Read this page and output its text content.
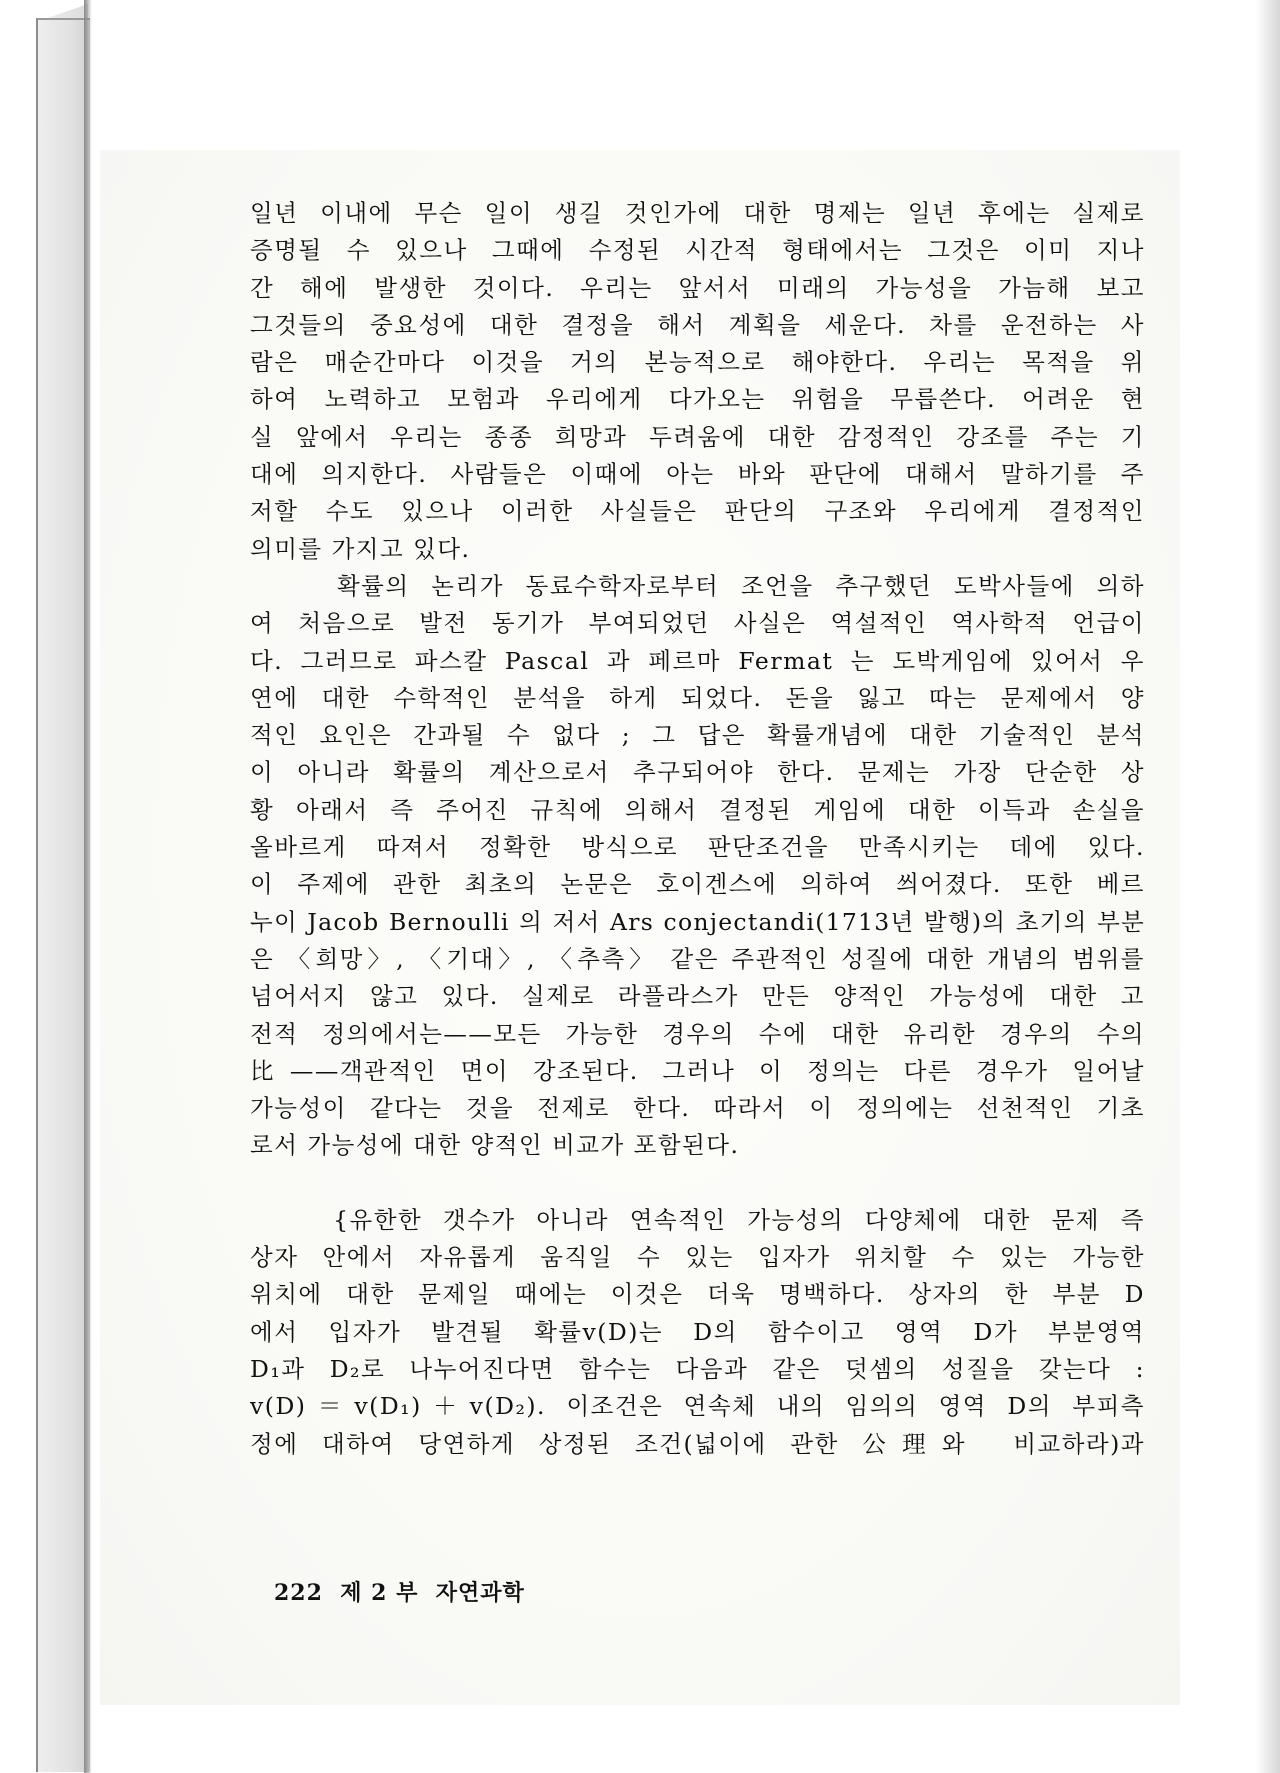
일년 이내에 무슨 일이 생길 것인가에 대한 명제는 일년 후에는 실제로
증명될 수 있으나 그때에 수정된 시간적 형태에서는 그것은 이미 지나
간 해에 발생한 것이다. 우리는 앞서서 미래의 가능성을 가늠해 보고
그것들의 중요성에 대한 결정을 해서 계획을 세운다. 차를 운전하는 사
람은 매순간마다 이것을 거의 본능적으로 해야한다. 우리는 목적을 위
하여 노력하고 모험과 우리에게 다가오는 위험을 무릅쓴다. 어려운 현
실 앞에서 우리는 종종 희망과 두려움에 대한 감정적인 강조를 주는 기
대에 의지한다. 사람들은 이때에 아는 바와 판단에 대해서 말하기를 주
저할 수도 있으나 이러한 사실들은 판단의 구조와 우리에게 결정적인
의미를 가지고 있다.
확률의 논리가 동료수학자로부터 조언을 추구했던 도박사들에 의하
여 처음으로 발전 동기가 부여되었던 사실은 역설적인 역사학적 언급이
다. 그러므로 파스칼 Pascal 과 페르마 Fermat 는 도박게임에 있어서 우
연에 대한 수학적인 분석을 하게 되었다. 돈을 잃고 따는 문제에서 양
적인 요인은 간과될 수 없다 ; 그 답은 확률개념에 대한 기술적인 분석
이 아니라 확률의 계산으로서 추구되어야 한다. 문제는 가장 단순한 상
황 아래서 즉 주어진 규칙에 의해서 결정된 게임에 대한 이득과 손실을
올바르게 따져서 정확한 방식으로 판단조건을 만족시키는 데에 있다.
이 주제에 관한 최초의 논문은 호이겐스에 의하여 씌어졌다. 또한 베르
누이 Jacob Bernoulli 의 저서 Ars conjectandi(1713년 발행)의 초기의 부분
은 〈희망〉, 〈기대〉, 〈추측〉 같은 주관적인 성질에 대한 개념의 범위를
넘어서지 않고 있다. 실제로 라플라스가 만든 양적인 가능성에 대한 고
전적 정의에서는——모든 가능한 경우의 수에 대한 유리한 경우의 수의
比——객관적인 면이 강조된다. 그러나 이 정의는 다른 경우가 일어날
가능성이 같다는 것을 전제로 한다. 따라서 이 정의에는 선천적인 기초
로서 가능성에 대한 양적인 비교가 포함된다.
{유한한 갯수가 아니라 연속적인 가능성의 다양체에 대한 문제 즉
상자 안에서 자유롭게 움직일 수 있는 입자가 위치할 수 있는 가능한
위치에 대한 문제일 때에는 이것은 더욱 명백하다. 상자의 한 부분 D
에서 입자가 발견될 확률v(D)는 D의 함수이고 영역 D가 부분영역
D₁과 D₂로 나누어진다면 함수는 다음과 같은 덧셈의 성질을 갖는다 :
v(D)＝v(D₁)＋v(D₂). 이조건은 연속체 내의 임의의 영역 D의 부피측
정에 대하여 당연하게 상정된 조건(넓이에 관한 公理와  비교하라)과
222  제 2 부  자연과학
